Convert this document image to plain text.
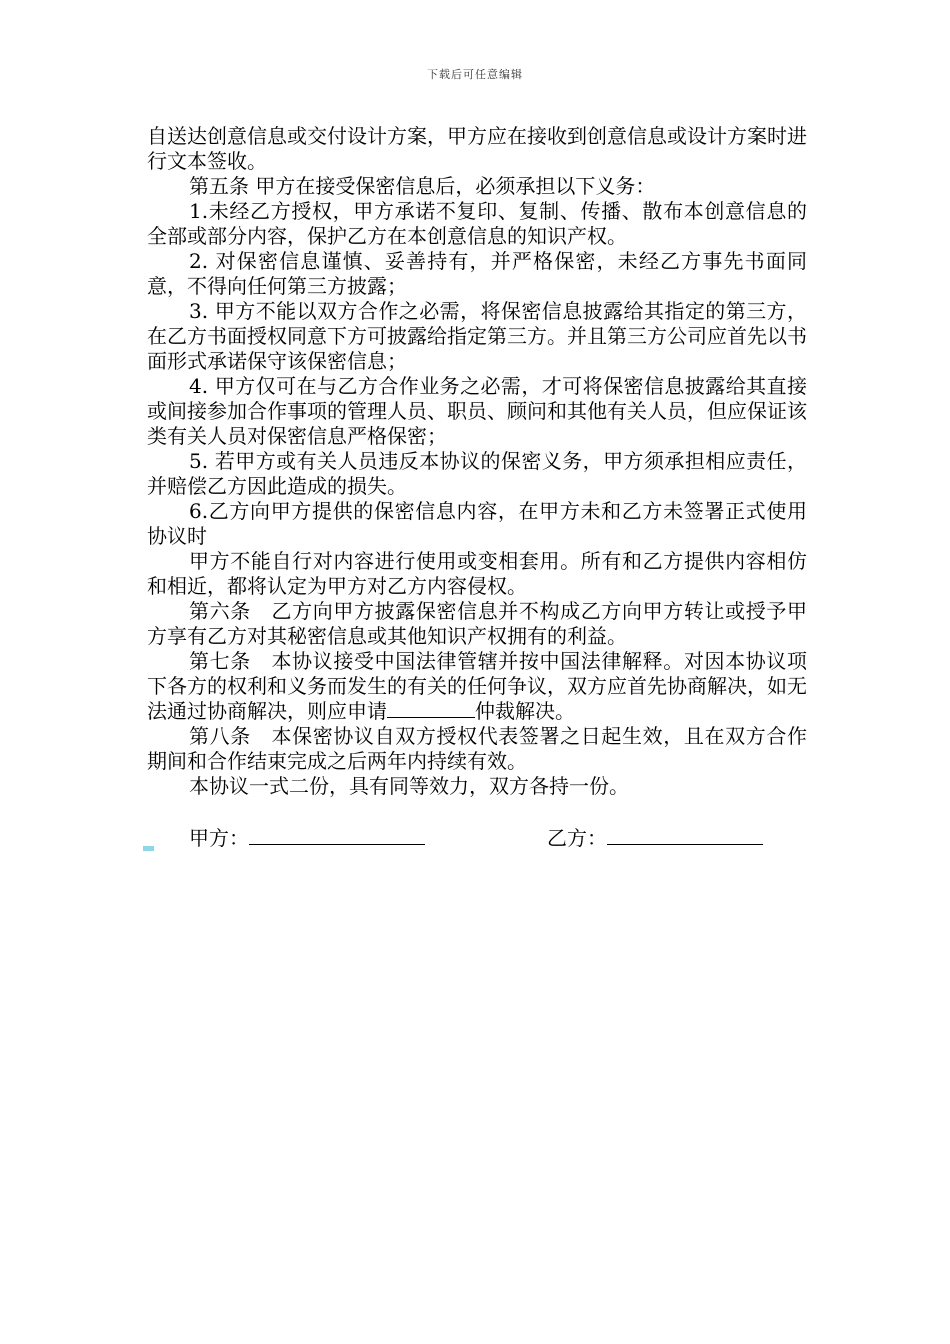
下载后可任意编辑

自送达创意信息或交付设计方案，甲方应在接收到创意信息或设计方案时进行文本签收。

第五条 甲方在接受保密信息后，必须承担以下义务：

1.未经乙方授权，甲方承诺不复印、复制、传播、散布本创意信息的全部或部分内容，保护乙方在本创意信息的知识产权。

2. 对保密信息谨慎、妥善持有，并严格保密，未经乙方事先书面同意，不得向任何第三方披露；

3. 甲方不能以双方合作之必需，将保密信息披露给其指定的第三方，在乙方书面授权同意下方可披露给指定第三方。并且第三方公司应首先以书面形式承诺保守该保密信息；

4. 甲方仅可在与乙方合作业务之必需，才可将保密信息披露给其直接或间接参加合作事项的管理人员、职员、顾问和其他有关人员，但应保证该类有关人员对保密信息严格保密；

5. 若甲方或有关人员违反本协议的保密义务，甲方须承担相应责任，并赔偿乙方因此造成的损失。

6.乙方向甲方提供的保密信息内容，在甲方未和乙方未签署正式使用协议时

甲方不能自行对内容进行使用或变相套用。所有和乙方提供内容相仿和相近，都将认定为甲方对乙方内容侵权。

第六条　乙方向甲方披露保密信息并不构成乙方向甲方转让或授予甲方享有乙方对其秘密信息或其他知识产权拥有的利益。

第七条　本协议接受中国法律管辖并按中国法律解释。对因本协议项下各方的权利和义务而发生的有关的任何争议，双方应首先协商解决，如无法通过协商解决，则应申请	仲裁解决。

第八条　本保密协议自双方授权代表签署之日起生效，且在双方合作期间和合作结束完成之后两年内持续有效。

本协议一式二份，具有同等效力，双方各持一份。

甲方：	乙方：
